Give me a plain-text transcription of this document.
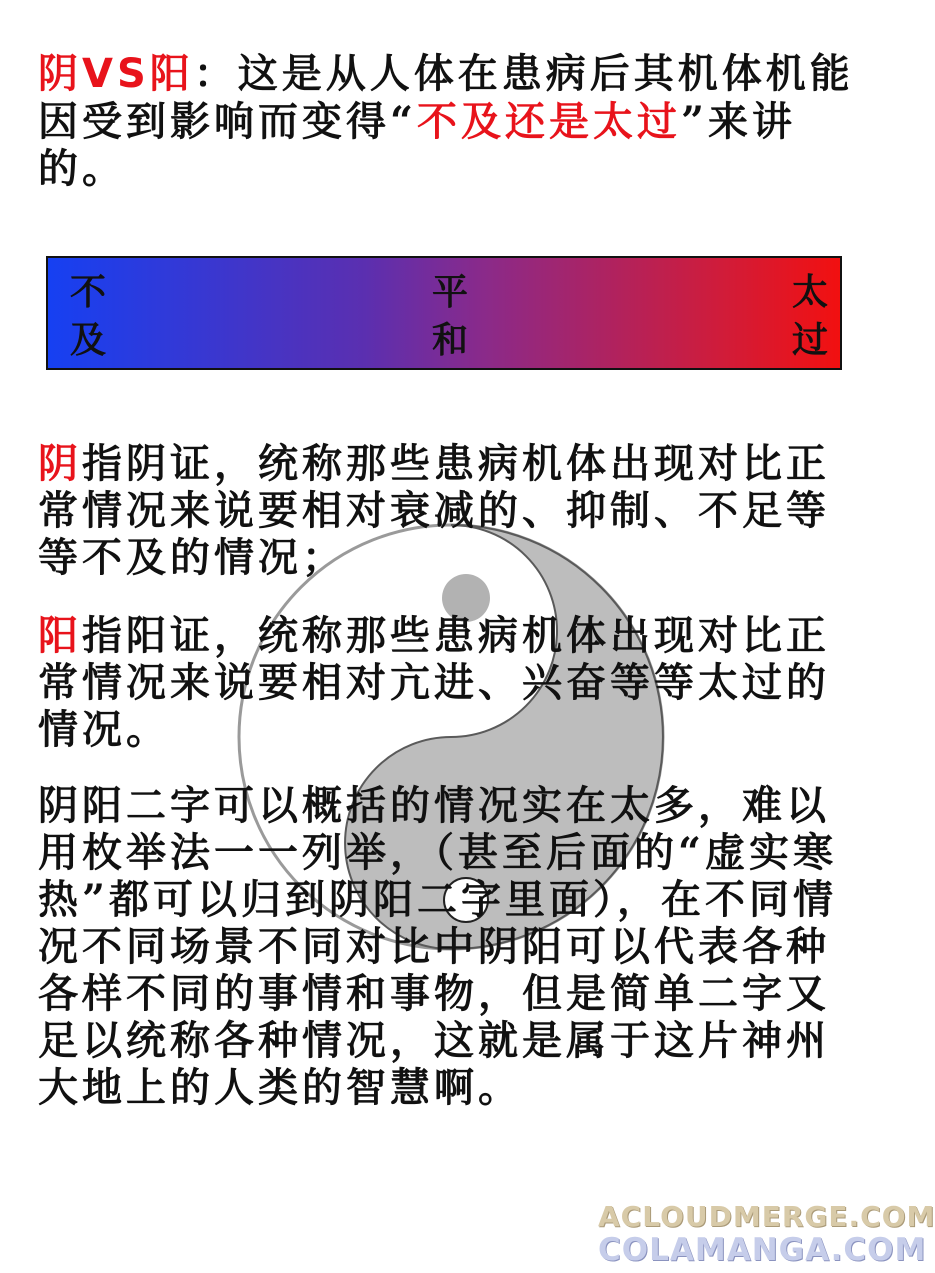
阴VS阳：这是从人体在患病后其机体机能因受到影响而变得“不及还是太过”来讲的。

不及
平和
太过

阴指阴证，统称那些患病机体出现对比正常情况来说要相对衰减的、抑制、不足等等不及的情况；

阳指阳证，统称那些患病机体出现对比正常情况来说要相对亢进、兴奋等等太过的情况。

阴阳二字可以概括的情况实在太多，难以用枚举法一一列举，（甚至后面的“虚实寒热”都可以归到阴阳二字里面），在不同情况不同场景不同对比中阴阳可以代表各种各样不同的事情和事物，但是简单二字又足以统称各种情况，这就是属于这片神州大地上的人类的智慧啊。

ACLOUDMERGE.COM
COLAMANGA.COM
